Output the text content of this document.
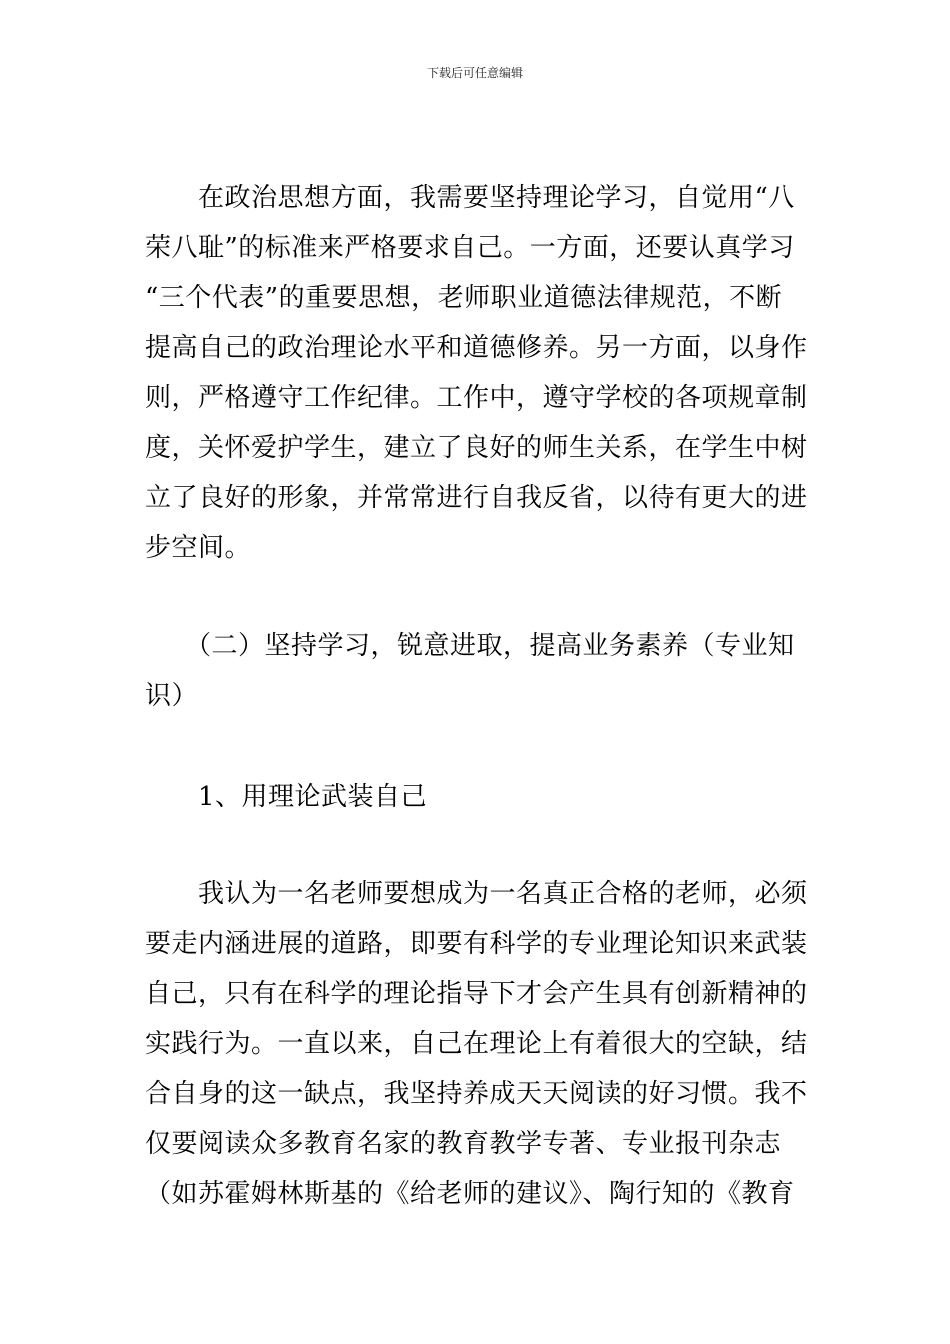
下载后可任意编辑
　　在政治思想方面，我需要坚持理论学习，自觉用“八
荣八耻”的标准来严格要求自己。一方面，还要认真学习
“三个代表”的重要思想，老师职业道德法律规范，不断
提高自己的政治理论水平和道德修养。另一方面，以身作
则，严格遵守工作纪律。工作中，遵守学校的各项规章制
度，关怀爱护学生，建立了良好的师生关系，在学生中树
立了良好的形象，并常常进行自我反省，以待有更大的进
步空间。
　　（二）坚持学习，锐意进取，提高业务素养（专业知
识）
　　1、用理论武装自己
　　我认为一名老师要想成为一名真正合格的老师，必须
要走内涵进展的道路，即要有科学的专业理论知识来武装
自己，只有在科学的理论指导下才会产生具有创新精神的
实践行为。一直以来，自己在理论上有着很大的空缺，结
合自身的这一缺点，我坚持养成天天阅读的好习惯。我不
仅要阅读众多教育名家的教育教学专著、专业报刊杂志
（如苏霍姆林斯基的《给老师的建议》、陶行知的《教育
